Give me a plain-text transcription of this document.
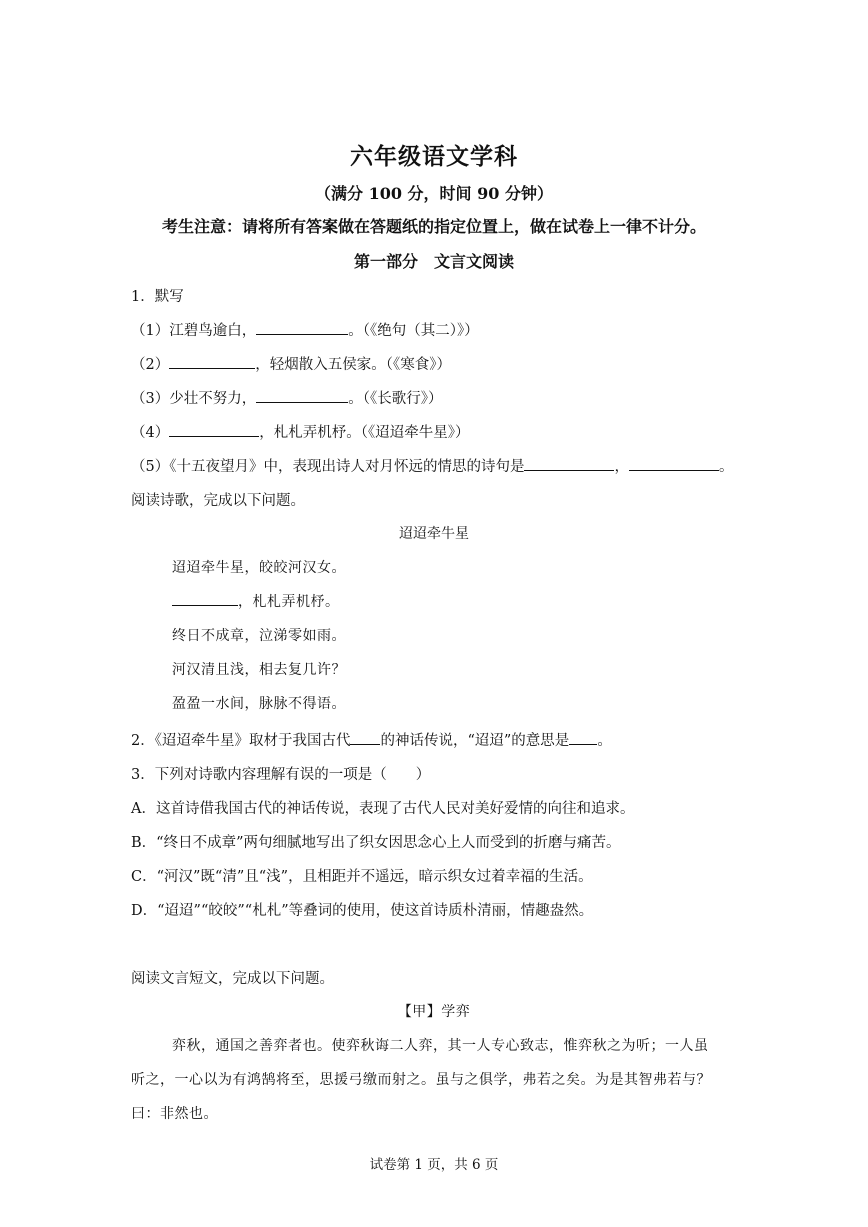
六年级语文学科
（满分 100 分，时间 90 分钟）
考生注意：请将所有答案做在答题纸的指定位置上，做在试卷上一律不计分。
第一部分　文言文阅读
1．默写
（1）江碧鸟逾白，	。（《绝句（其二）》）
（2）	，轻烟散入五侯家。（《寒食》）
（3）少壮不努力，	。（《长歌行》）
（4）	，札札弄机杼。（《迢迢牵牛星》）
（5）《十五夜望月》中，表现出诗人对月怀远的情思的诗句是	，	。
阅读诗歌，完成以下问题。
迢迢牵牛星
迢迢牵牛星，皎皎河汉女。
，札札弄机杼。
终日不成章，泣涕零如雨。
河汉清且浅，相去复几许？
盈盈一水间，脉脉不得语。
2．《迢迢牵牛星》取材于我国古代 的神话传说，“迢迢”的意思是 。
3．下列对诗歌内容理解有误的一项是（　　）
A．这首诗借我国古代的神话传说，表现了古代人民对美好爱情的向往和追求。
B．“终日不成章”两句细腻地写出了织女因思念心上人而受到的折磨与痛苦。
C．“河汉”既“清”且“浅”，且相距并不遥远，暗示织女过着幸福的生活。
D．“迢迢”“皎皎”“札札”等叠词的使用，使这首诗质朴清丽，情趣盎然。
阅读文言短文，完成以下问题。
【甲】学弈
弈秋，通国之善弈者也。使弈秋诲二人弈，其一人专心致志，惟弈秋之为听；一人虽
听之，一心以为有鸿鹄将至，思援弓缴而射之。虽与之俱学，弗若之矣。为是其智弗若与？
曰：非然也。
试卷第 1 页，共 6 页
